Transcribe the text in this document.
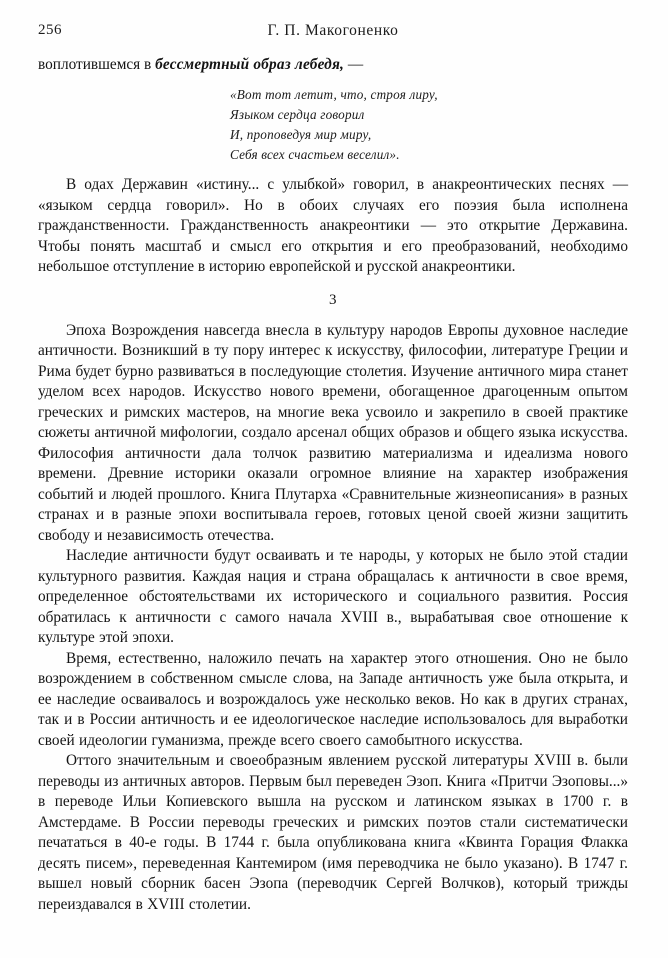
256	Г. П. Макогоненко
воплотившемся в бессмертный образ лебедя, —
«Вот тот летит, что, строя лиру,
Языком сердца говорил
И, проповедуя мир миру,
Себя всех счастьем веселил».

В одах Державин «истину... с улыбкой» говорил, в анакреонтических песнях — «языком сердца говорил». Но в обоих случаях его поэзия была исполнена гражданственности. Гражданственность анакреонтики — это открытие Державина. Чтобы понять масштаб и смысл его открытия и его преобразований, необходимо небольшое отступление в историю европейской и русской анакреонтики.

3

Эпоха Возрождения навсегда внесла в культуру народов Европы духовное наследие античности. Возникший в ту пору интерес к искусству, философии, литературе Греции и Рима будет бурно развиваться в последующие столетия. Изучение античного мира станет уделом всех народов. Искусство нового времени, обогащенное драгоценным опытом греческих и римских мастеров, на многие века усвоило и закрепило в своей практике сюжеты античной мифологии, создало арсенал общих образов и общего языка искусства. Философия античности дала толчок развитию материализма и идеализма нового времени. Древние историки оказали огромное влияние на характер изображения событий и людей прошлого. Книга Плутарха «Сравнительные жизнеописания» в разных странах и в разные эпохи воспитывала героев, готовых ценой своей жизни защитить свободу и независимость отечества.

Наследие античности будут осваивать и те народы, у которых не было этой стадии культурного развития. Каждая нация и страна обращалась к античности в свое время, определенное обстоятельствами их исторического и социального развития. Россия обратилась к античности с самого начала XVIII в., вырабатывая свое отношение к культуре этой эпохи.

Время, естественно, наложило печать на характер этого отношения. Оно не было возрождением в собственном смысле слова, на Западе античность уже была открыта, и ее наследие осваивалось и возрождалось уже несколько веков. Но как в других странах, так и в России античность и ее идеологическое наследие использовалось для выработки своей идеологии гуманизма, прежде всего своего самобытного искусства.

Оттого значительным и своеобразным явлением русской литературы XVIII в. были переводы из античных авторов. Первым был переведен Эзоп. Книга «Притчи Эзоповы...» в переводе Ильи Копиевского вышла на русском и латинском языках в 1700 г. в Амстердаме. В России переводы греческих и римских поэтов стали систематически печататься в 40-е годы. В 1744 г. была опубликована книга «Квинта Горация Флакка десять писем», переведенная Кантемиром (имя переводчика не было указано). В 1747 г. вышел новый сборник басен Эзопа (переводчик Сергей Волчков), который трижды переиздавался в XVIII столетии.
